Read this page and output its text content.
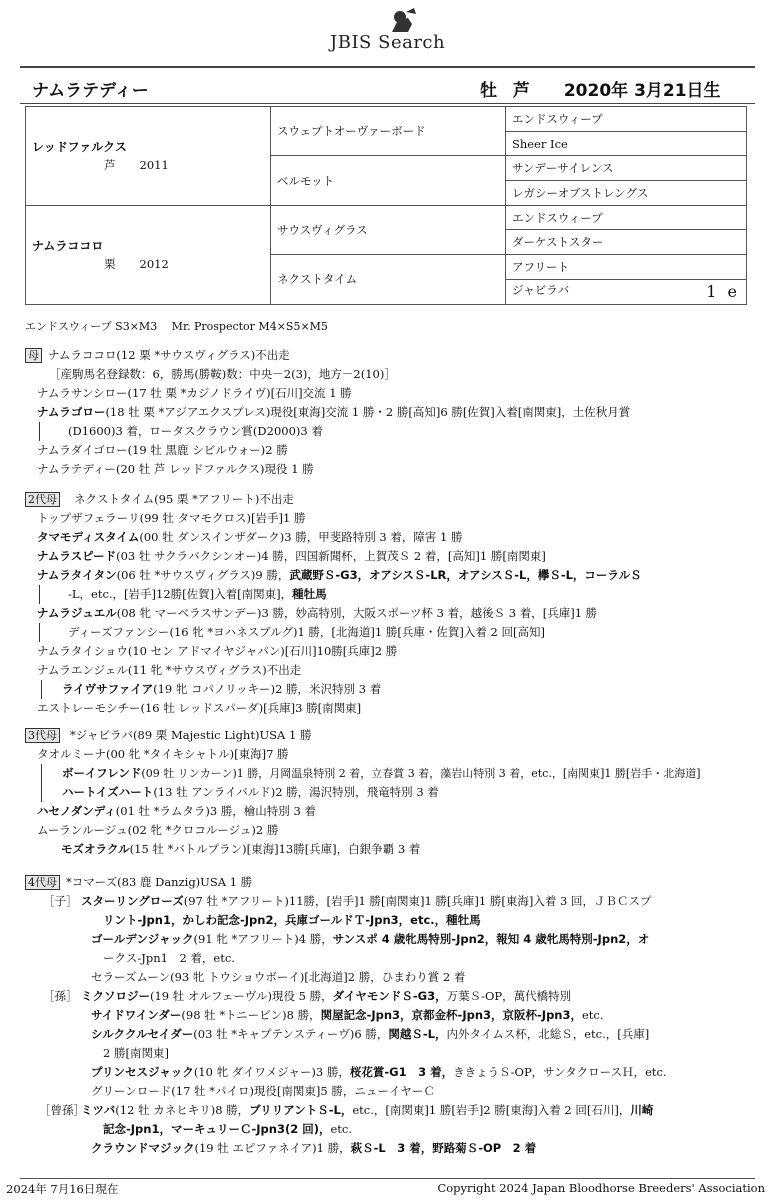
JBIS Search
ナムラテディー	牡 芦 2020年 3月21日生
レッドファルクス
芦 2011	スウェプトオーヴァーボード	エンドスウィープ
		Sheer Ice
	ベルモット	サンデーサイレンス
		レガシーオブストレングス

ナムラココロ
栗 2012	サウスヴィグラス	エンドスウィープ
		ダーケストスター
	ネクストタイム	アフリート

		ジャビラバ 1 e
エンドスウィープ S3×M3　 Mr. Prospector M4×S5×M5
母 ナムラココロ(12 栗 *サウスヴィグラス)不出走
［産駒馬名登録数：6，勝馬(勝鞍)数：中央－2(3)，地方－2(10)］
ナムラサンシロー(17 牡 栗 *カジノドライヴ)[石川]交流 1 勝
ナムラゴロー(18 牡 栗 *アジアエクスプレス)現役[東海]交流 1 勝・2 勝[高知]6 勝[佐賀]入着[南関東]，土佐秋月賞
(D1600)3 着，ロータスクラウン賞(D2000)3 着
ナムラダイゴロー(19 牡 黒鹿 シビルウォー)2 勝
ナムラテディー(20 牡 芦 レッドファルクス)現役 1 勝
2代母 ネクストタイム(95 栗 *アフリート)不出走
トップザフェラーリ(99 牡 タマモクロス)[岩手]1 勝
タマモディスタイム(00 牡 ダンスインザダーク)3 勝，甲斐路特別 3 着，障害 1 勝
ナムラスピード(03 牡 サクラバクシンオー)4 勝，四国新聞杯，上賀茂Ｓ 2 着，[高知]1 勝[南関東]
ナムラタイタン(06 牡 *サウスヴィグラス)9 勝，武蔵野Ｓ-G3，オアシスＳ-LR，オアシスＳ-L，欅Ｓ-L，コーラルＳ
-L，etc.，[岩手]12勝[佐賀]入着[南関東]，種牡馬
ナムラジュエル(08 牝 マーベラスサンデー)3 勝，妙高特別，大阪スポーツ杯 3 着，越後Ｓ 3 着，[兵庫]1 勝
ディーズファンシー(16 牝 *ヨハネスブルグ)1 勝，[北海道]1 勝[兵庫・佐賀]入着 2 回[高知]
ナムラタイショウ(10 セン アドマイヤジャパン)[石川]10勝[兵庫]2 勝
ナムラエンジェル(11 牝 *サウスヴィグラス)不出走
ライヴサファイア(19 牝 コパノリッキー)2 勝，米沢特別 3 着
エストレーモシチー(16 牡 レッドスパーダ)[兵庫]3 勝[南関東]
3代母 *ジャビラバ(89 栗 Majestic Light)USA 1 勝
タオルミーナ(00 牝 *タイキシャトル)[東海]7 勝
ボーイフレンド(09 牡 リンカーン)1 勝，月岡温泉特別 2 着，立春賞 3 着，藻岩山特別 3 着，etc.，[南関東]1 勝[岩手・北海道]
ハートイズハート(13 牡 アンライバルド)2 勝，湯沢特別，飛竜特別 3 着
ハセノダンディ(01 牡 *ラムタラ)3 勝，檜山特別 3 着
ムーランルージュ(02 牝 *クロコルージュ)2 勝
モズオラクル(15 牡 *バトルプラン)[東海]13勝[兵庫]，白銀争覇 3 着
4代母 *コマーズ(83 鹿 Danzig)USA 1 勝
［子］ スターリングローズ(97 牡 *アフリート)11勝，[岩手]1 勝[南関東]1 勝[兵庫]1 勝[東海]入着 3 回，ＪＢＣスプ
リント-Jpn1，かしわ記念-Jpn2，兵庫ゴールドＴ-Jpn3，etc.，種牡馬
ゴールデンジャック(91 牝 *アフリート)4 勝，サンスポ 4 歳牝馬特別-Jpn2，報知 4 歳牝馬特別-Jpn2，オ
ークス-Jpn1　2 着，etc.
セラーズムーン(93 牝 トウショウボーイ)[北海道]2 勝，ひまわり賞 2 着
［孫］ ミクソロジー(19 牡 オルフェーヴル)現役 5 勝，ダイヤモンドＳ-G3，万葉Ｓ-OP，萬代橋特別
サイドワインダー(98 牡 *トニービン)8 勝，関屋記念-Jpn3，京都金杯-Jpn3，京阪杯-Jpn3，etc.
シルククルセイダー(03 牡 *キャプテンスティーヴ)6 勝，関越Ｓ-L，内外タイムス杯，北総Ｓ，etc.，[兵庫]
2 勝[南関東]
プリンセスジャック(10 牝 ダイワメジャー)3 勝，桜花賞-G1　3 着，ききょうＳ-OP，サンタクロースＨ，etc.
グリーンロード(17 牡 *パイロ)現役[南関東]5 勝，ニューイヤーＣ
［曾孫］ミツバ(12 牡 カネヒキリ)8 勝，ブリリアントＳ-L，etc.，[南関東]1 勝[岩手]2 勝[東海]入着 2 回[石川]，川崎
記念-Jpn1，マーキュリーＣ-Jpn3(2 回)，etc.
クラウンドマジック(19 牡 エピファネイア)1 勝，萩Ｓ-L　3 着，野路菊Ｓ-OP　2 着
2024年 7月16日現在	Copyright 2024 Japan Bloodhorse Breeders' Association
